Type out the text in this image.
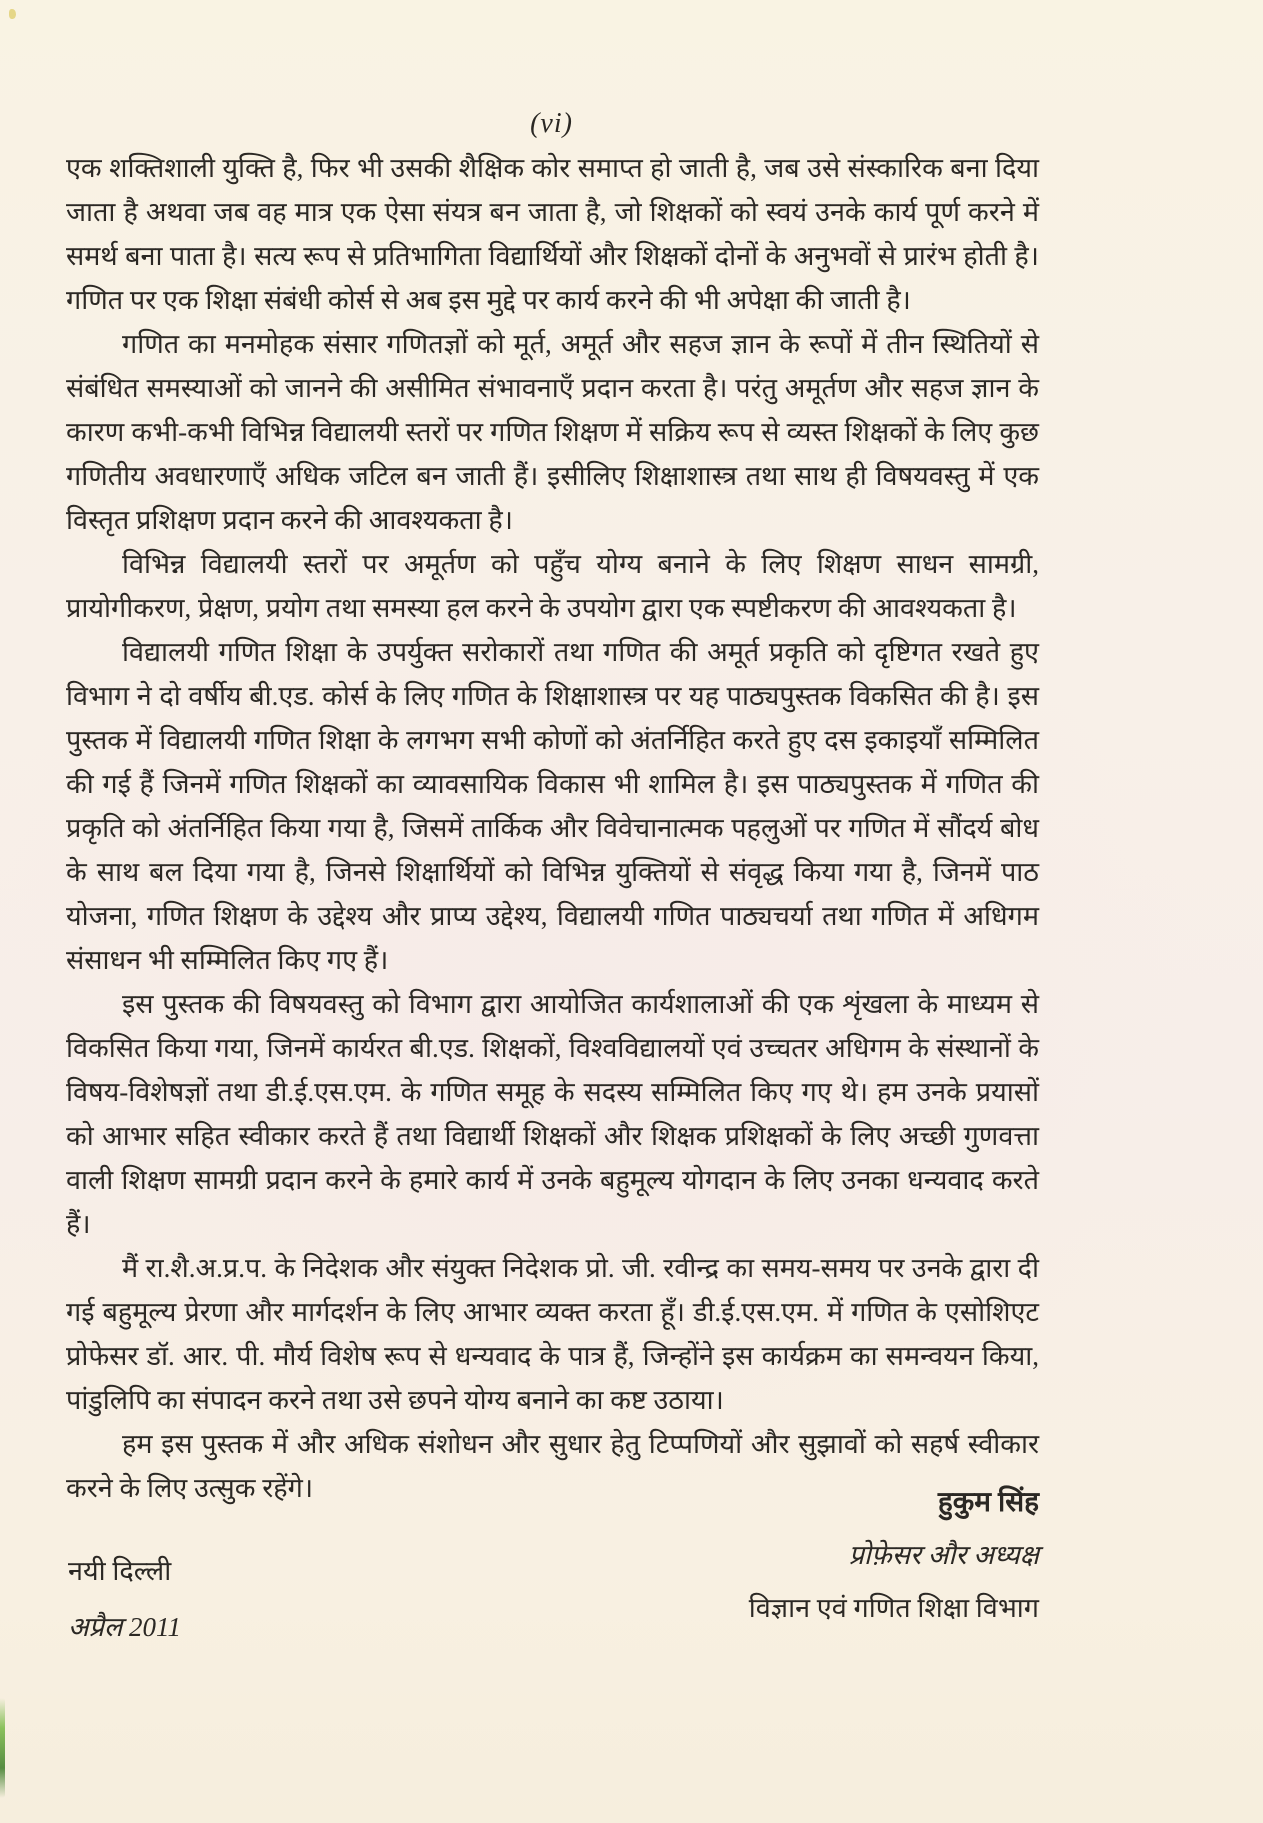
(vi)

एक शक्तिशाली युक्ति है, फिर भी उसकी शैक्षिक कोर समाप्त हो जाती है, जब उसे संस्कारिक बना दिया जाता है अथवा जब वह मात्र एक ऐसा संयत्र बन जाता है, जो शिक्षकों को स्वयं उनके कार्य पूर्ण करने में समर्थ बना पाता है। सत्य रूप से प्रतिभागिता विद्यार्थियों और शिक्षकों दोनों के अनुभवों से प्रारंभ होती है। गणित पर एक शिक्षा संबंधी कोर्स से अब इस मुद्दे पर कार्य करने की भी अपेक्षा की जाती है।

गणित का मनमोहक संसार गणितज्ञों को मूर्त, अमूर्त और सहज ज्ञान के रूपों में तीन स्थितियों से संबंधित समस्याओं को जानने की असीमित संभावनाएँ प्रदान करता है। परंतु अमूर्तण और सहज ज्ञान के कारण कभी-कभी विभिन्न विद्यालयी स्तरों पर गणित शिक्षण में सक्रिय रूप से व्यस्त शिक्षकों के लिए कुछ गणितीय अवधारणाएँ अधिक जटिल बन जाती हैं। इसीलिए शिक्षाशास्त्र तथा साथ ही विषयवस्तु में एक विस्तृत प्रशिक्षण प्रदान करने की आवश्यकता है।

विभिन्न विद्यालयी स्तरों पर अमूर्तण को पहुँच योग्य बनाने के लिए शिक्षण साधन सामग्री, प्रायोगीकरण, प्रेक्षण, प्रयोग तथा समस्या हल करने के उपयोग द्वारा एक स्पष्टीकरण की आवश्यकता है।

विद्यालयी गणित शिक्षा के उपर्युक्त सरोकारों तथा गणित की अमूर्त प्रकृति को दृष्टिगत रखते हुए विभाग ने दो वर्षीय बी.एड. कोर्स के लिए गणित के शिक्षाशास्त्र पर यह पाठ्यपुस्तक विकसित की है। इस पुस्तक में विद्यालयी गणित शिक्षा के लगभग सभी कोणों को अंतर्निहित करते हुए दस इकाइयाँ सम्मिलित की गई हैं जिनमें गणित शिक्षकों का व्यावसायिक विकास भी शामिल है। इस पाठ्यपुस्तक में गणित की प्रकृति को अंतर्निहित किया गया है, जिसमें तार्किक और विवेचानात्मक पहलुओं पर गणित में सौंदर्य बोध के साथ बल दिया गया है, जिनसे शिक्षार्थियों को विभिन्न युक्तियों से संवृद्ध किया गया है, जिनमें पाठ योजना, गणित शिक्षण के उद्देश्य और प्राप्य उद्देश्य, विद्यालयी गणित पाठ्यचर्या तथा गणित में अधिगम संसाधन भी सम्मिलित किए गए हैं।

इस पुस्तक की विषयवस्तु को विभाग द्वारा आयोजित कार्यशालाओं की एक शृंखला के माध्यम से विकसित किया गया, जिनमें कार्यरत बी.एड. शिक्षकों, विश्वविद्यालयों एवं उच्चतर अधिगम के संस्थानों के विषय-विशेषज्ञों तथा डी.ई.एस.एम. के गणित समूह के सदस्य सम्मिलित किए गए थे। हम उनके प्रयासों को आभार सहित स्वीकार करते हैं तथा विद्यार्थी शिक्षकों और शिक्षक प्रशिक्षकों के लिए अच्छी गुणवत्ता वाली शिक्षण सामग्री प्रदान करने के हमारे कार्य में उनके बहुमूल्य योगदान के लिए उनका धन्यवाद करते हैं।

मैं रा.शै.अ.प्र.प. के निदेशक और संयुक्त निदेशक प्रो. जी. रवीन्द्र का समय-समय पर उनके द्वारा दी गई बहुमूल्य प्रेरणा और मार्गदर्शन के लिए आभार व्यक्त करता हूँ। डी.ई.एस.एम. में गणित के एसोशिएट प्रोफेसर डॉ. आर. पी. मौर्य विशेष रूप से धन्यवाद के पात्र हैं, जिन्होंने इस कार्यक्रम का समन्वयन किया, पांडुलिपि का संपादन करने तथा उसे छपने योग्य बनाने का कष्ट उठाया।

हम इस पुस्तक में और अधिक संशोधन और सुधार हेतु टिप्पणियों और सुझावों को सहर्ष स्वीकार करने के लिए उत्सुक रहेंगे।	हुकुम सिंह
प्रोफ़ेसर और अध्यक्ष
विज्ञान एवं गणित शिक्षा विभाग
नयी दिल्ली
अप्रैल 2011
